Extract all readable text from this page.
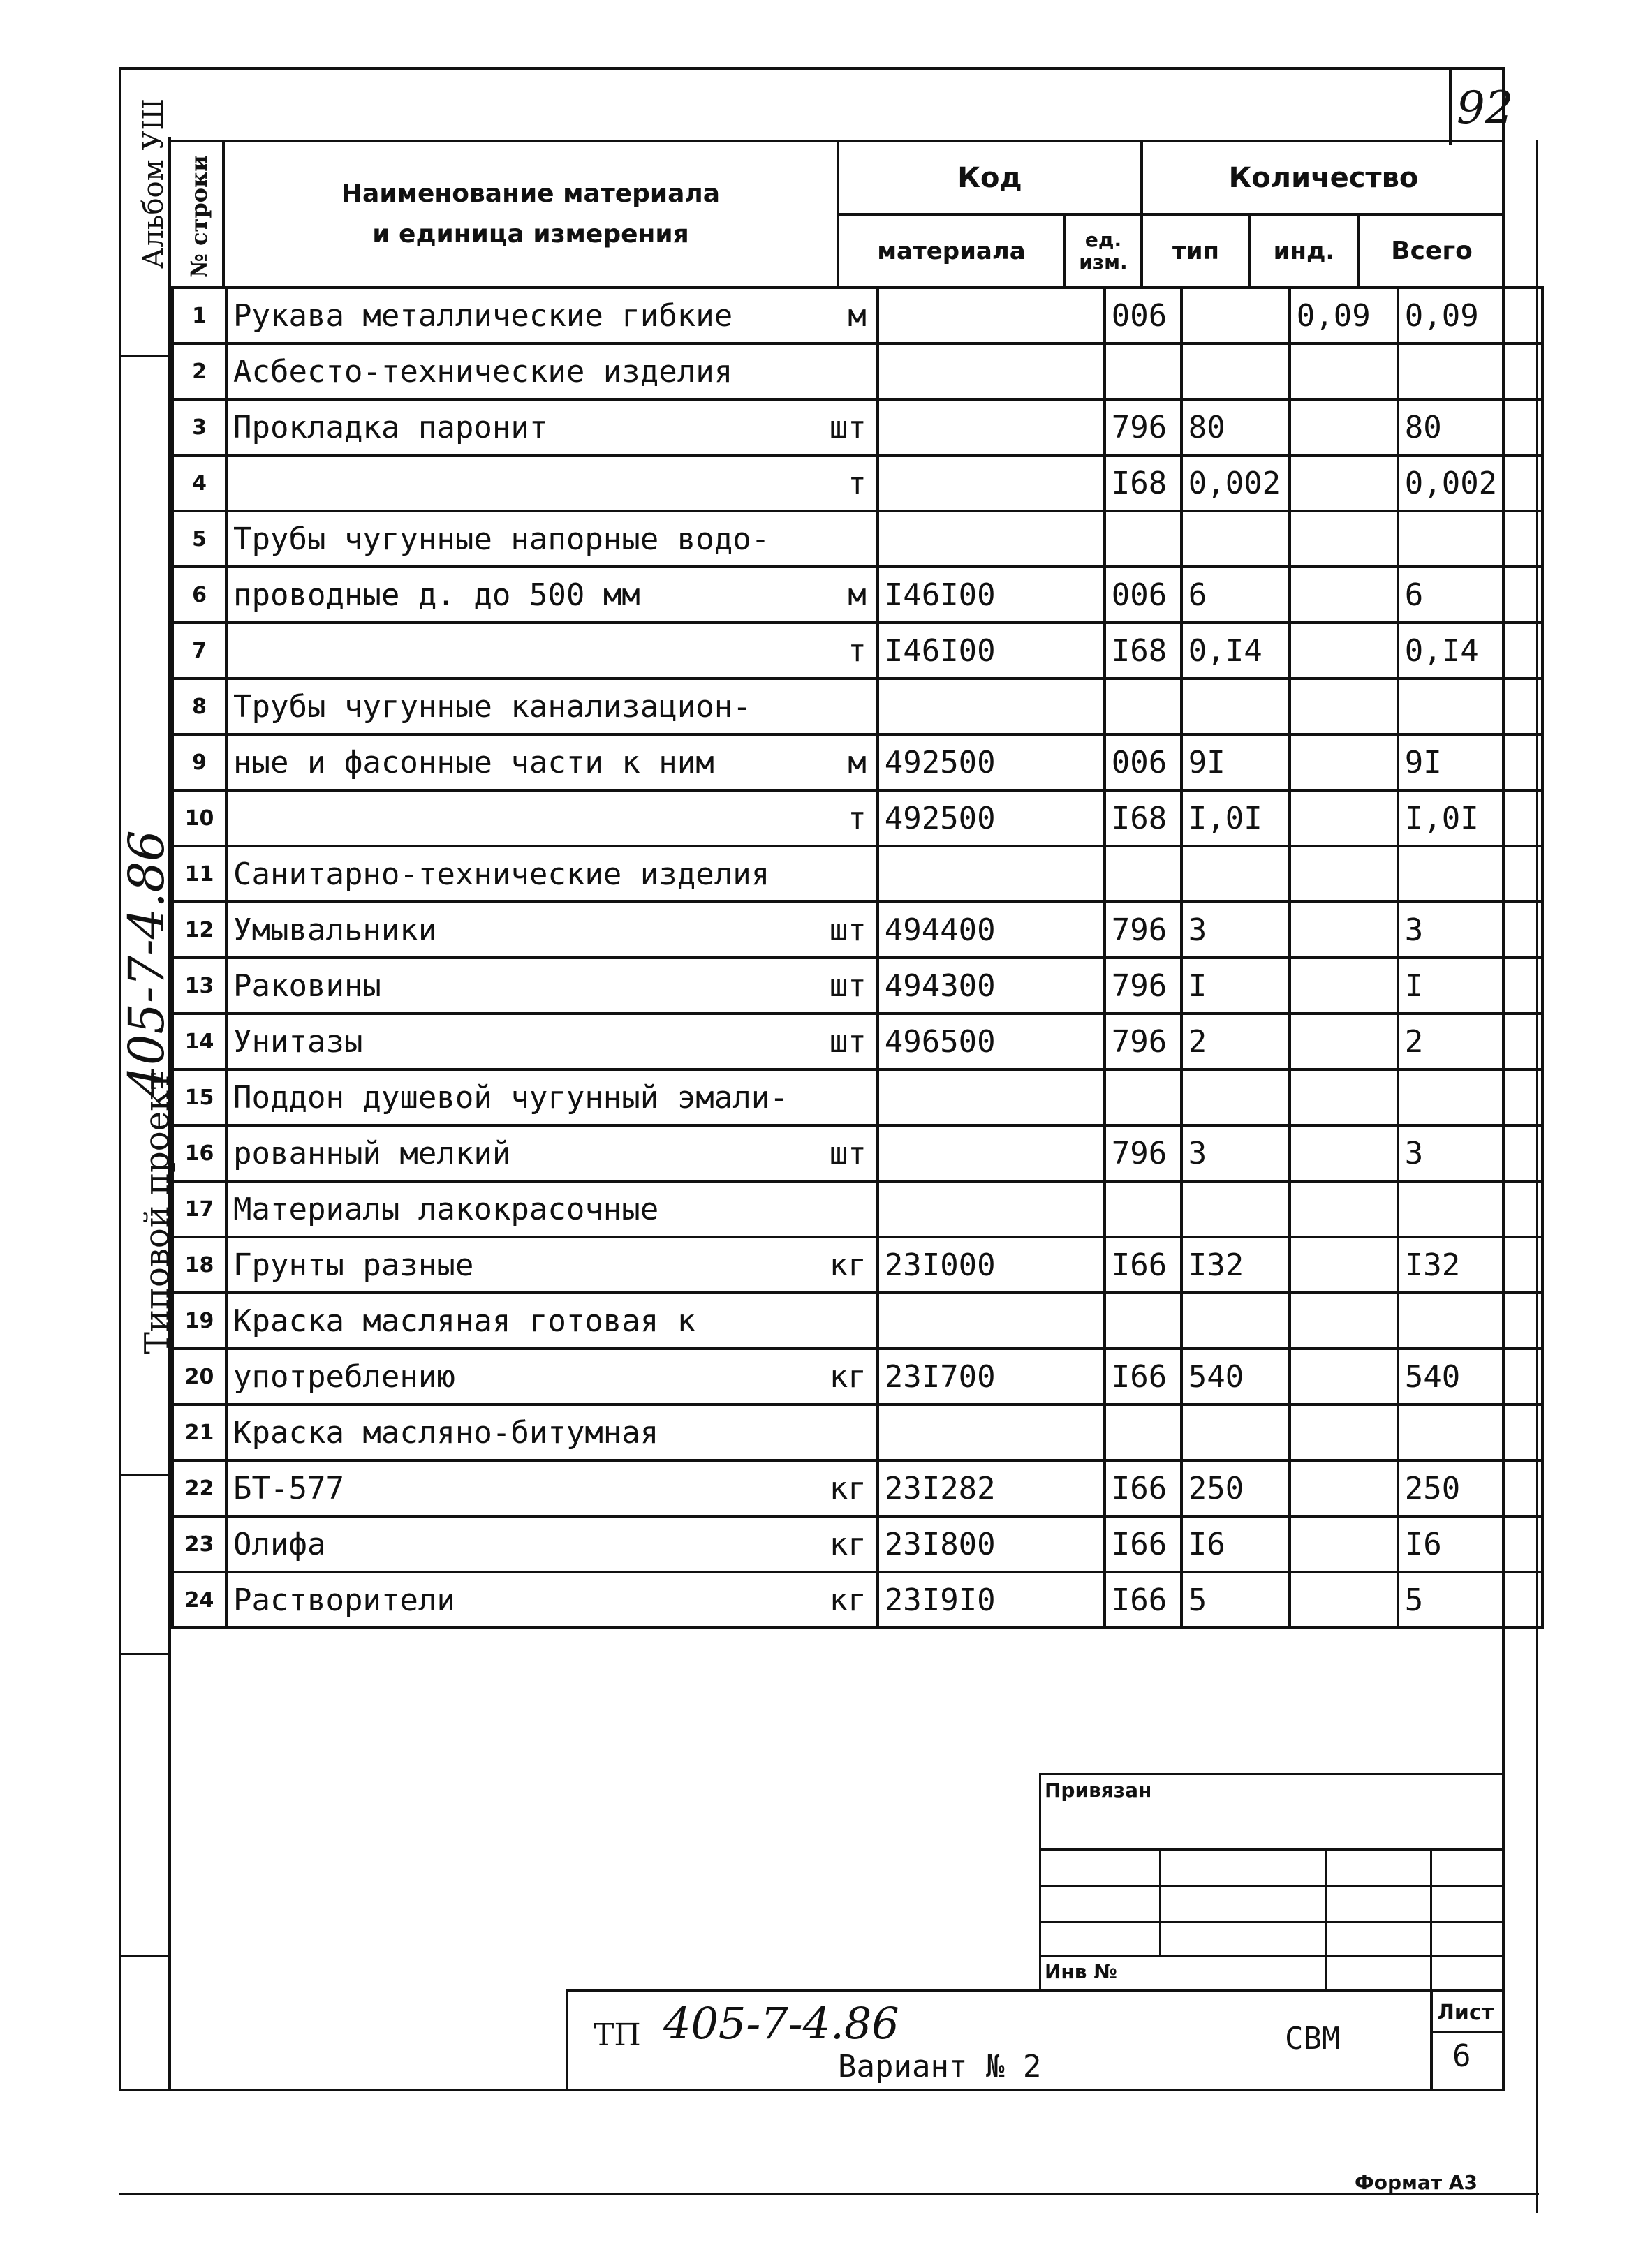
92
Альбом УШ
Типовой проект
405-7-4.86
№ строки	Наименование материала
и единица измерения
Код	Количество
материала	ед. изм.	тип	инд.	Всего
1	Рукава металлические гибкие	м		006		0,09	0,09
2	Асбесто-технические изделия						
3	Прокладка паронит	шт		796	80		80
4		т		I68	0,002		0,002
5	Трубы чугунные напорные водо-						
6	проводные д. до 500 мм	м	I46I00	006	6		6
7		т	I46I00	I68	0,I4		0,I4
8	Трубы чугунные канализацион-						
9	ные и фасонные части к ним	м	492500	006	9I		9I
10		т	492500	I68	I,0I		I,0I
11	Санитарно-технические изделия						
12	Умывальники	шт	494400	796	3		3
13	Раковины	шт	494300	796	I		I
14	Унитазы	шт	496500	796	2		2
15	Поддон душевой чугунный эмали-						
16	рованный мелкий	шт		796	3		3
17	Материалы лакокрасочные						
18	Грунты разные	кг	23I000	I66	I32		I32
19	Краска масляная готовая к						
20	употреблению	кг	23I700	I66	540		540
21	Краска масляно-битумная						
22	БТ-577	кг	23I282	I66	250		250
23	Олифа	кг	23I800	I66	I6		I6
24	Растворители	кг	23I9I0	I66	5		5
Привязан
Инв №
ТП 405-7-4.86
Вариант № 2
СВМ
Лист
6
Формат А3
